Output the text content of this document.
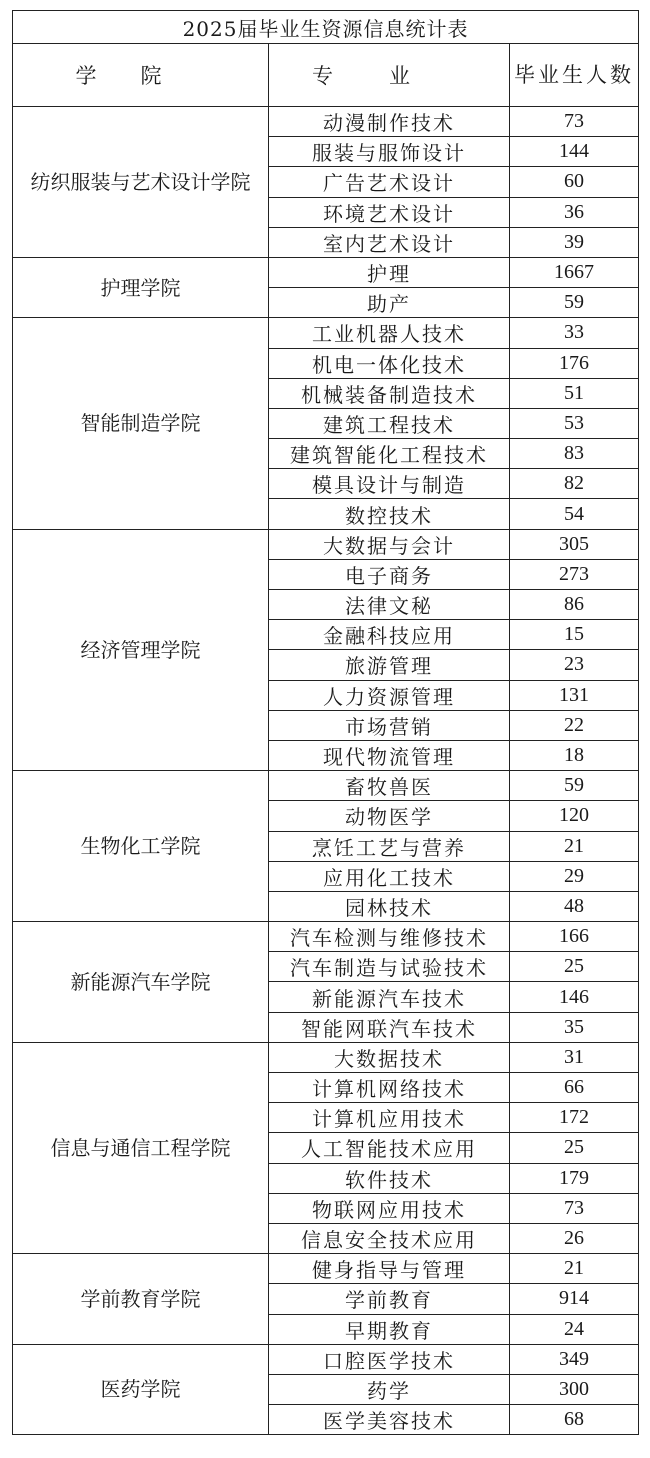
2025届毕业生资源信息统计表		
学院	专业	毕业生人数
纺织服装与艺术设计学院	动漫制作技术	73
	服装与服饰设计	144
	广告艺术设计	60
	环境艺术设计	36
	室内艺术设计	39
护理学院	护理	1667
	助产	59
智能制造学院	工业机器人技术	33
	机电一体化技术	176
	机械装备制造技术	51
	建筑工程技术	53
	建筑智能化工程技术	83
	模具设计与制造	82
	数控技术	54
经济管理学院	大数据与会计	305
	电子商务	273
	法律文秘	86
	金融科技应用	15
	旅游管理	23
	人力资源管理	131
	市场营销	22
	现代物流管理	18
生物化工学院	畜牧兽医	59
	动物医学	120
	烹饪工艺与营养	21
	应用化工技术	29
	园林技术	48
新能源汽车学院	汽车检测与维修技术	166
	汽车制造与试验技术	25
	新能源汽车技术	146
	智能网联汽车技术	35
信息与通信工程学院	大数据技术	31
	计算机网络技术	66
	计算机应用技术	172
	人工智能技术应用	25
	软件技术	179
	物联网应用技术	73
	信息安全技术应用	26
学前教育学院	健身指导与管理	21
	学前教育	914
	早期教育	24
医药学院	口腔医学技术	349
	药学	300
	医学美容技术	68
